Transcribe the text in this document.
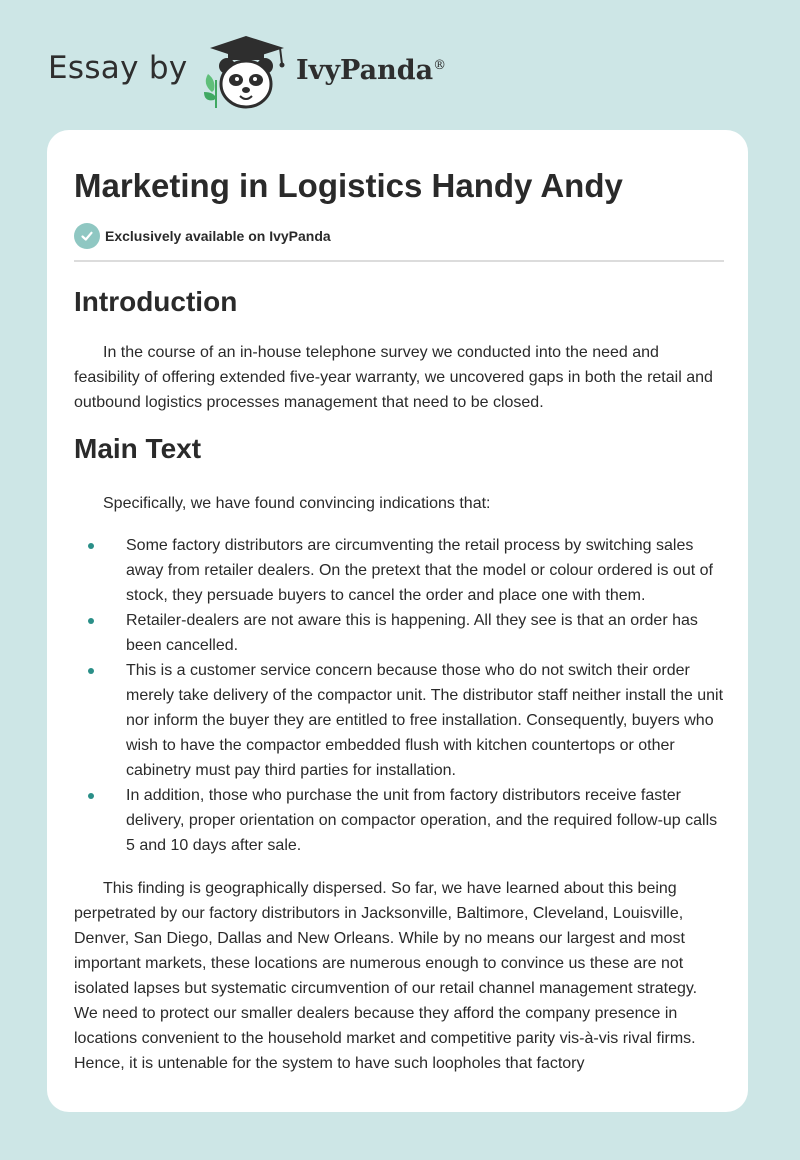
Essay by	IvyPanda®
Marketing in Logistics Handy Andy
Exclusively available on IvyPanda
Introduction

In the course of an in-house telephone survey we conducted into the need and feasibility of offering extended five-year warranty, we uncovered gaps in both the retail and outbound logistics processes management that need to be closed.

Main Text

Specifically, we have found convincing indications that:

Some factory distributors are circumventing the retail process by switching sales away from retailer dealers. On the pretext that the model or colour ordered is out of stock, they persuade buyers to cancel the order and place one with them.
Retailer-dealers are not aware this is happening. All they see is that an order has been cancelled.
This is a customer service concern because those who do not switch their order merely take delivery of the compactor unit. The distributor staff neither install the unit nor inform the buyer they are entitled to free installation. Consequently, buyers who wish to have the compactor embedded flush with kitchen countertops or other cabinetry must pay third parties for installation.
In addition, those who purchase the unit from factory distributors receive faster delivery, proper orientation on compactor operation, and the required follow-up calls 5 and 10 days after sale.

This finding is geographically dispersed. So far, we have learned about this being perpetrated by our factory distributors in Jacksonville, Baltimore, Cleveland, Louisville, Denver, San Diego, Dallas and New Orleans. While by no means our largest and most important markets, these locations are numerous enough to convince us these are not isolated lapses but systematic circumvention of our retail channel management strategy. We need to protect our smaller dealers because they afford the company presence in locations convenient to the household market and competitive parity vis-à-vis rival firms. Hence, it is untenable for the system to have such loopholes that factory
